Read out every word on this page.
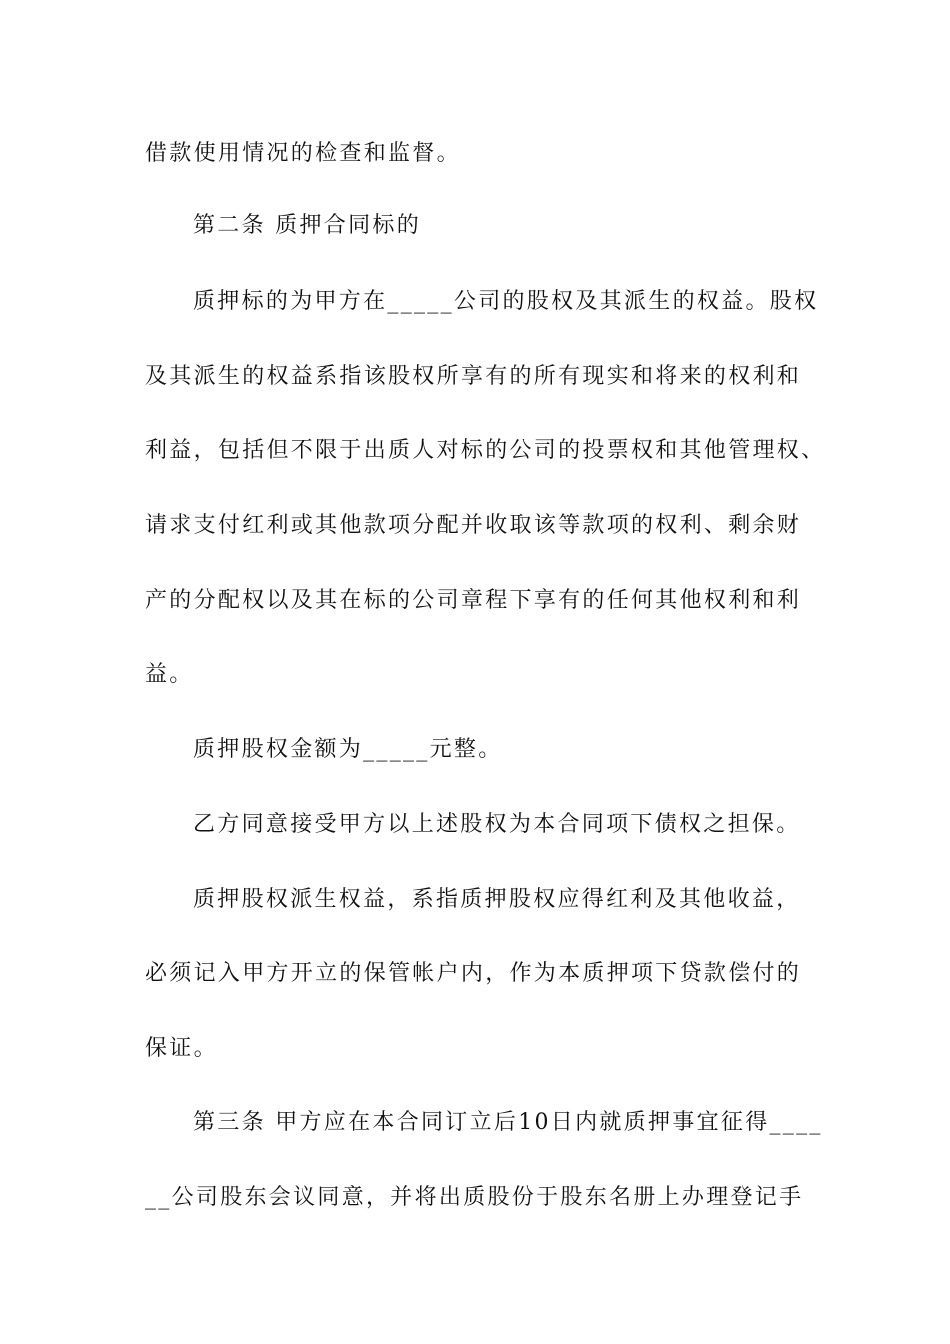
借款使用情况的检查和监督。
第二条 质押合同标的
质押标的为甲方在_____公司的股权及其派生的权益。股权
及其派生的权益系指该股权所享有的所有现实和将来的权利和
利益，包括但不限于出质人对标的公司的投票权和其他管理权、
请求支付红利或其他款项分配并收取该等款项的权利、剩余财
产的分配权以及其在标的公司章程下享有的任何其他权利和利
益。
质押股权金额为_____元整。
乙方同意接受甲方以上述股权为本合同项下债权之担保。
质押股权派生权益，系指质押股权应得红利及其他收益，
必须记入甲方开立的保管帐户内，作为本质押项下贷款偿付的
保证。
第三条 甲方应在本合同订立后10日内就质押事宜征得____
__公司股东会议同意，并将出质股份于股东名册上办理登记手
